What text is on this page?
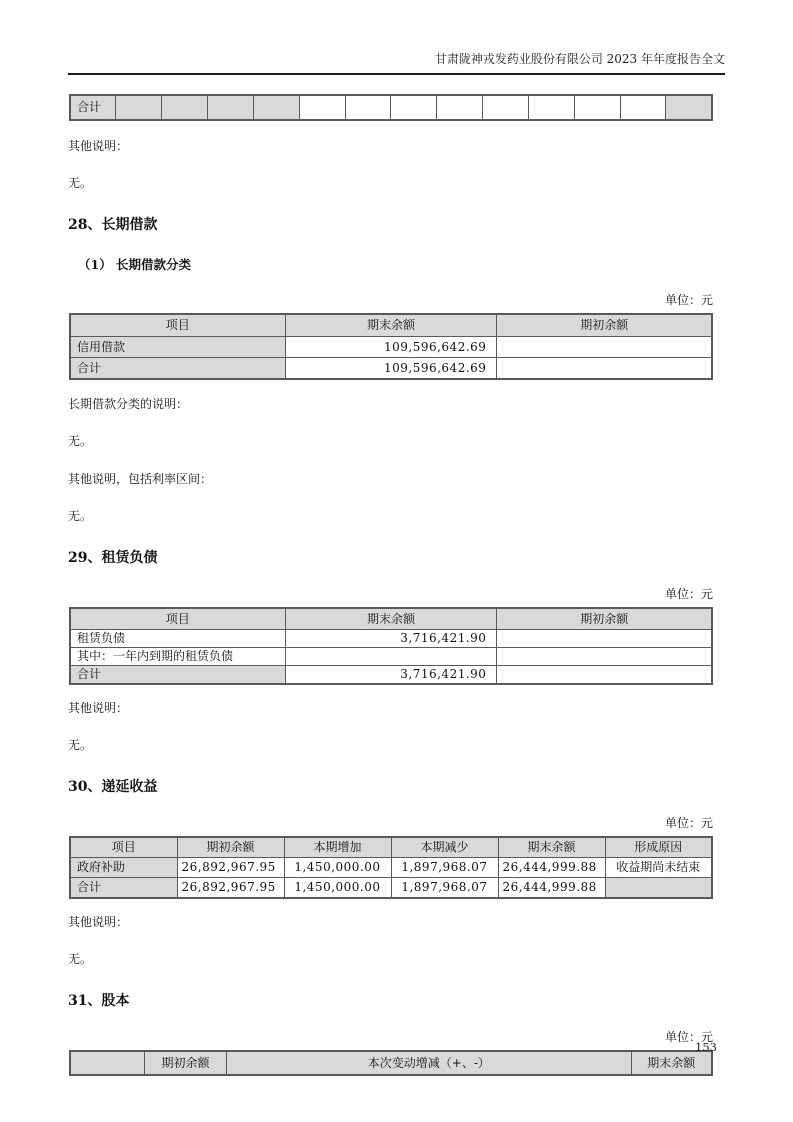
甘肃陇神戎发药业股份有限公司 2023 年年度报告全文
合计													

其他说明：

无。

28、长期借款
（1） 长期借款分类

单位：元

项目	期末余额	期初余额
信用借款	109,596,642.69	
合计	109,596,642.69	

长期借款分类的说明：

无。

其他说明，包括利率区间：

无。

29、租赁负债

单位：元

项目	期末余额	期初余额
租赁负债	3,716,421.90	
其中：一年内到期的租赁负债		
合计	3,716,421.90	

其他说明：

无。

30、递延收益

单位：元

项目	期初余额	本期增加	本期减少	期末余额	形成原因
政府补助	26,892,967.95	1,450,000.00	1,897,968.07	26,444,999.88	收益期尚未结束
合计	26,892,967.95	1,450,000.00	1,897,968.07	26,444,999.88	

其他说明：

无。

31、股本

单位：元

	期初余额	本次变动增减（+、-）	期末余额
153
